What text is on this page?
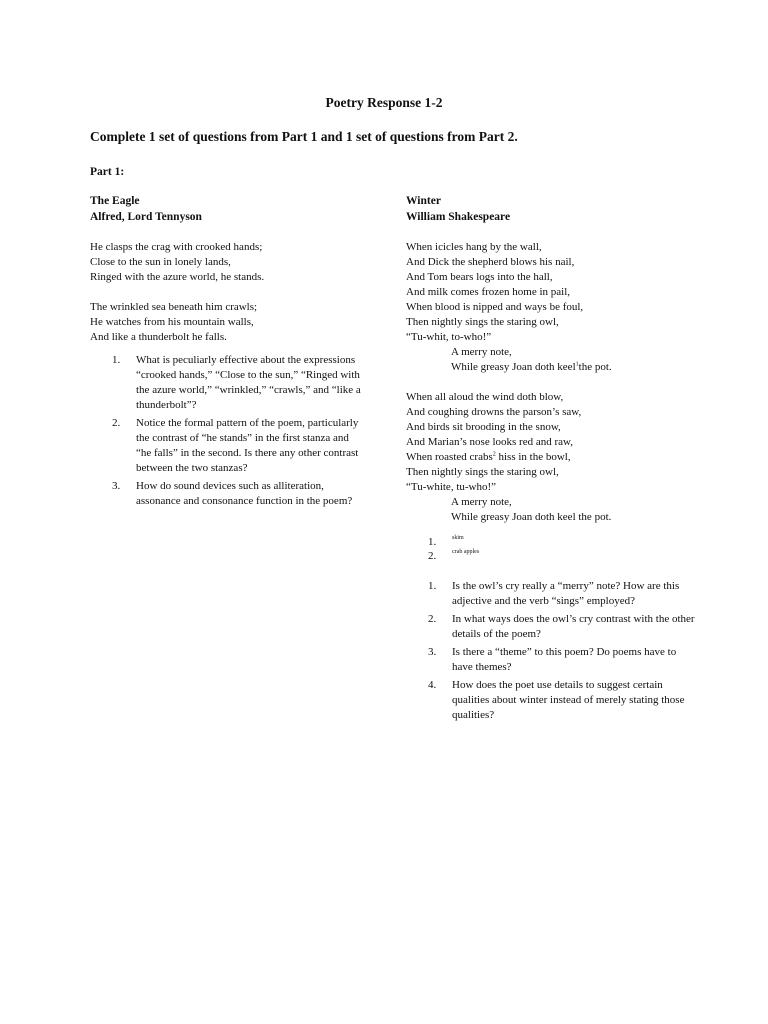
Poetry Response 1-2
Complete 1 set of questions from Part 1 and 1 set of questions from Part 2.
Part 1:
The Eagle
Alfred, Lord Tennyson
He clasps the crag with crooked hands;
Close to the sun in lonely lands,
Ringed with the azure world, he stands.
The wrinkled sea beneath him crawls;
He watches from his mountain walls,
And like a thunderbolt he falls.
1. What is peculiarly effective about the expressions “crooked hands,” “Close to the sun,” “Ringed with the azure world,” “wrinkled,” “crawls,” and “like a thunderbolt”?
2. Notice the formal pattern of the poem, particularly the contrast of “he stands” in the first stanza and “he falls” in the second. Is there any other contrast between the two stanzas?
3. How do sound devices such as alliteration, assonance and consonance function in the poem?
Winter
William Shakespeare
When icicles hang by the wall,
And Dick the shepherd blows his nail,
And Tom bears logs into the hall,
And milk comes frozen home in pail,
When blood is nipped and ways be foul,
Then nightly sings the staring owl,
“Tu-whit, to-who!”
A merry note,
While greasy Joan doth keel$^1$the pot.
When all aloud the wind doth blow,
And coughing drowns the parson’s saw,
And birds sit brooding in the snow,
And Marian’s nose looks red and raw,
When roasted crabs$^2$ hiss in the bowl,
Then nightly sings the staring owl,
“Tu-white, tu-who!”
A merry note,
While greasy Joan doth keel the pot.
1.	skim
2.	crab apples
1. Is the owl’s cry really a “merry” note? How are this adjective and the verb “sings” employed?
2. In what ways does the owl’s cry contrast with the other details of the poem?
3. Is there a “theme” to this poem? Do poems have to have themes?
4. How does the poet use details to suggest certain qualities about winter instead of merely stating those qualities?
